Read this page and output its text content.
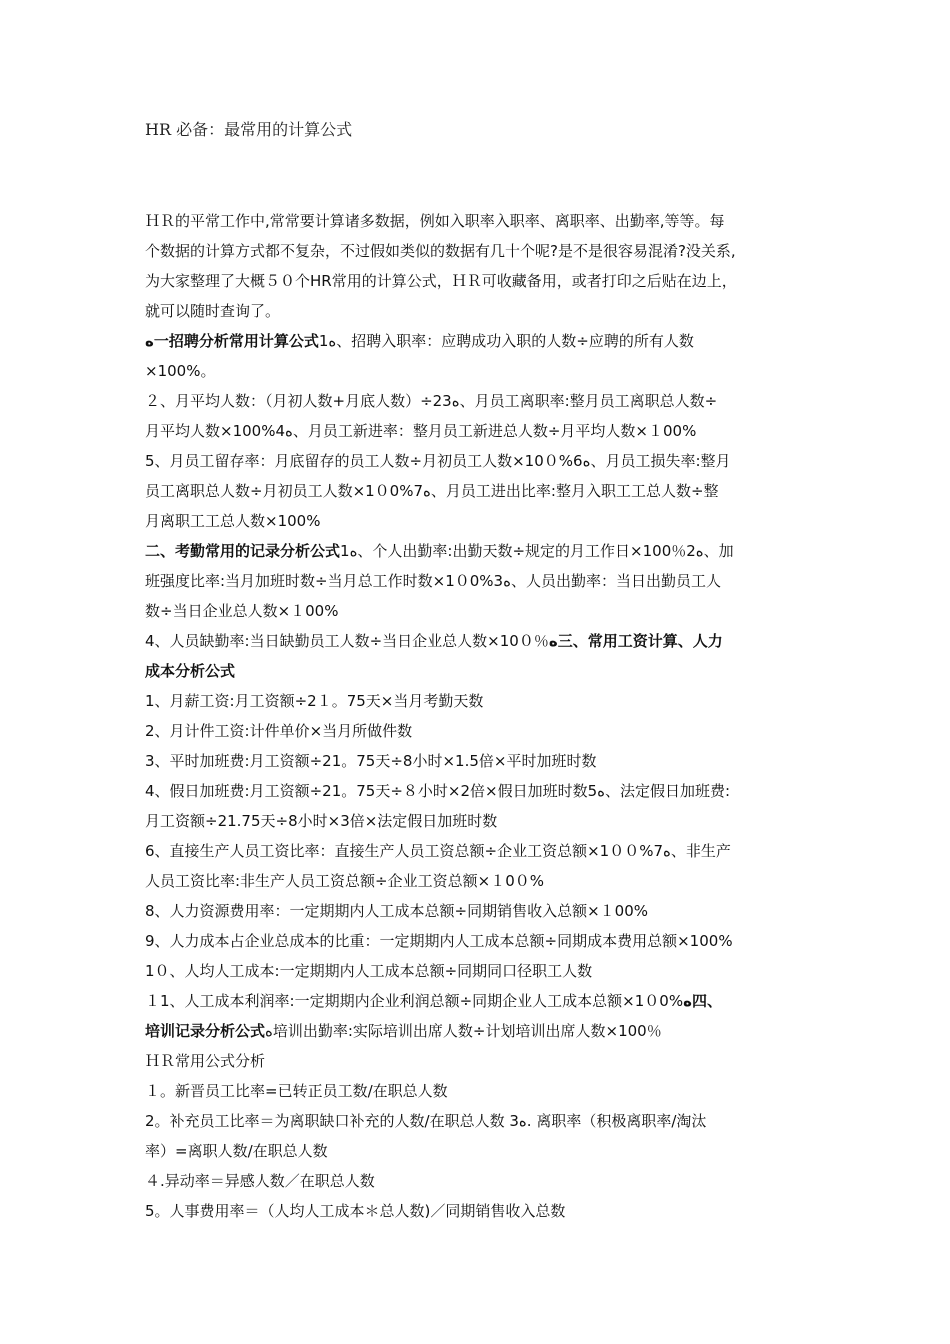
HR 必备：最常用的计算公式
ＨＲ的平常工作中,常常要计算诸多数据，例如入职率入职率、离职率、出勤率,等等。每
个数据的计算方式都不复杂，不过假如类似的数据有几十个呢?是不是很容易混淆?没关系,
为大家整理了大概５０个HR常用的计算公式，ＨＲ可收藏备用，或者打印之后贴在边上，
就可以随时查询了。
ﻩ一招聘分析常用计算公式1ﻩ、招聘入职率：应聘成功入职的人数÷应聘的所有人数
×100%。
２、月平均人数：（月初人数+月底人数）÷23ﻩ、月员工离职率:整月员工离职总人数÷
月平均人数×100%4ﻩ、月员工新进率：整月员工新进总人数÷月平均人数×１00%
5、月员工留存率：月底留存的员工人数÷月初员工人数×10０%6ﻩ、月员工损失率:整月
员工离职总人数÷月初员工人数×1０0%7ﻩ、月员工进出比率:整月入职工工总人数÷整
月离职工工总人数×100%
二、考勤常用的记录分析公式1ﻩ、个人出勤率:出勤天数÷规定的月工作日×100％2ﻩ、加
班强度比率:当月加班时数÷当月总工作时数×1０0%3ﻩ、人员出勤率：当日出勤员工人
数÷当日企业总人数×１00%
4、人员缺勤率:当日缺勤员工人数÷当日企业总人数×10０％ﻩ三、常用工资计算、人力
成本分析公式
1、月薪工资:月工资额÷2１。75天×当月考勤天数
2、月计件工资:计件单价×当月所做件数
3、平时加班费:月工资额÷21。75天÷8小时×1.5倍×平时加班时数
4、假日加班费:月工资额÷21。75天÷８小时×2倍×假日加班时数5ﻩ、法定假日加班费:
月工资额÷21.75天÷8小时×3倍×法定假日加班时数
6、直接生产人员工资比率：直接生产人员工资总额÷企业工资总额×1００%7ﻩ、非生产
人员工资比率:非生产人员工资总额÷企业工资总额×１0０%
8、人力资源费用率：一定期期内人工成本总额÷同期销售收入总额×１00%
9、人力成本占企业总成本的比重：一定期期内人工成本总额÷同期成本费用总额×100%
1０、人均人工成本:一定期期内人工成本总额÷同期同口径职工人数
１1、人工成本利润率:一定期期内企业利润总额÷同期企业人工成本总额×1０0%ﻩ四、
培训记录分析公式ﻩ培训出勤率:实际培训出席人数÷计划培训出席人数×100％
ＨＲ常用公式分析
１。新晋员工比率=已转正员工数/在职总人数
2。补充员工比率＝为离职缺口补充的人数/在职总人数 3ﻩ. 离职率（积极离职率/淘汰
率）=离职人数/在职总人数
４.异动率＝异感人数／在职总人数
5。人事费用率＝（人均人工成本＊总人数)／同期销售收入总数
